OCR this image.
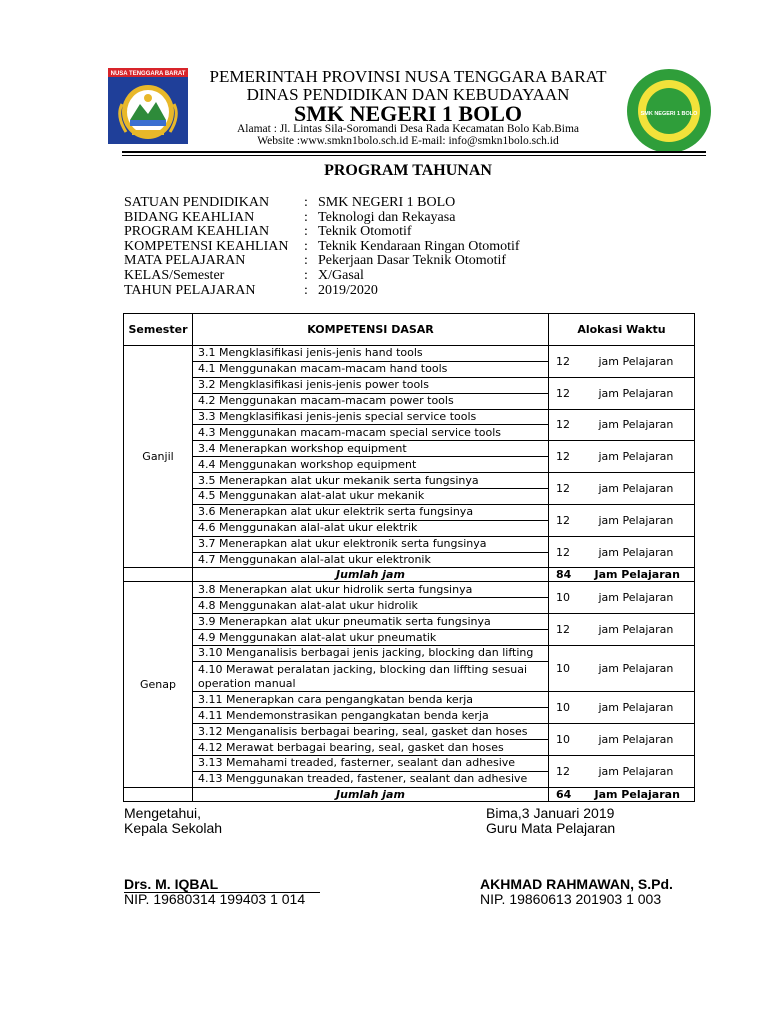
NUSA TENGGARA BARAT	PEMERINTAH PROVINSI NUSA TENGGARA BARAT
DINAS PENDIDIKAN DAN KEBUDAYAAN
SMK NEGERI 1 BOLO
Alamat : Jl. Lintas Sila-Soromandi Desa Rada Kecamatan Bolo Kab.Bima
Website :www.smkn1bolo.sch.id E-mail: info@smkn1bolo.sch.id
SMK NEGERI 1 BOLO
PROGRAM TAHUNAN
SATUAN PENDIDIKAN	: SMK NEGERI 1 BOLO
BIDANG KEAHLIAN	: Teknologi dan Rekayasa
PROGRAM KEAHLIAN	: Teknik Otomotif
KOMPETENSI KEAHLIAN	: Teknik Kendaraan Ringan Otomotif
MATA PELAJARAN	: Pekerjaan Dasar Teknik Otomotif
KELAS/Semester	: X/Gasal
TAHUN PELAJARAN	: 2019/2020
Semester	KOMPETENSI DASAR	Alokasi Waktu	
Ganjil	3.1 Mengklasifikasi jenis-jenis hand tools	12	jam Pelajaran
	4.1 Menggunakan macam-macam hand tools		
	3.2 Mengklasifikasi jenis-jenis power tools	12	jam Pelajaran
	4.2 Menggunakan macam-macam power tools		
	3.3 Mengklasifikasi jenis-jenis special service tools	12	jam Pelajaran
	4.3 Menggunakan macam-macam special service tools		
	3.4 Menerapkan workshop equipment	12	jam Pelajaran
	4.4 Menggunakan workshop equipment		
	3.5 Menerapkan alat ukur mekanik serta fungsinya	12	jam Pelajaran
	4.5 Menggunakan alat-alat ukur mekanik		
	3.6 Menerapkan alat ukur elektrik serta fungsinya	12	jam Pelajaran
	4.6 Menggunakan alal-alat ukur elektrik		
	3.7 Menerapkan alat ukur elektronik serta fungsinya	12	jam Pelajaran
	4.7 Menggunakan alal-alat ukur elektronik		
	Jumlah jam	84	Jam Pelajaran
Genap	3.8 Menerapkan alat ukur hidrolik serta fungsinya	10	jam Pelajaran
	4.8 Menggunakan alat-alat ukur hidrolik		
	3.9 Menerapkan alat ukur pneumatik serta fungsinya	12	jam Pelajaran
	4.9 Menggunakan alat-alat ukur pneumatik		
	3.10 Menganalisis berbagai jenis jacking, blocking dan lifting	10	jam Pelajaran
	4.10 Merawat peralatan jacking, blocking dan liffting sesuai operation manual		
	3.11 Menerapkan cara pengangkatan benda kerja	10	jam Pelajaran
	4.11 Mendemonstrasikan pengangkatan benda kerja		
	3.12 Menganalisis berbagai bearing, seal, gasket dan hoses	10	jam Pelajaran
	4.12 Merawat berbagai bearing, seal, gasket dan hoses		
	3.13 Memahami treaded, fasterner, sealant dan adhesive	12	jam Pelajaran
	4.13 Menggunakan treaded, fastener, sealant dan adhesive		
	Jumlah jam	64	Jam Pelajaran
Mengetahui,
Kepala Sekolah
Drs. M. IQBAL
NIP. 19680314 199403 1 014
Bima,3 Januari 2019
Guru Mata Pelajaran
AKHMAD RAHMAWAN, S.Pd.
NIP. 19860613 201903 1 003
